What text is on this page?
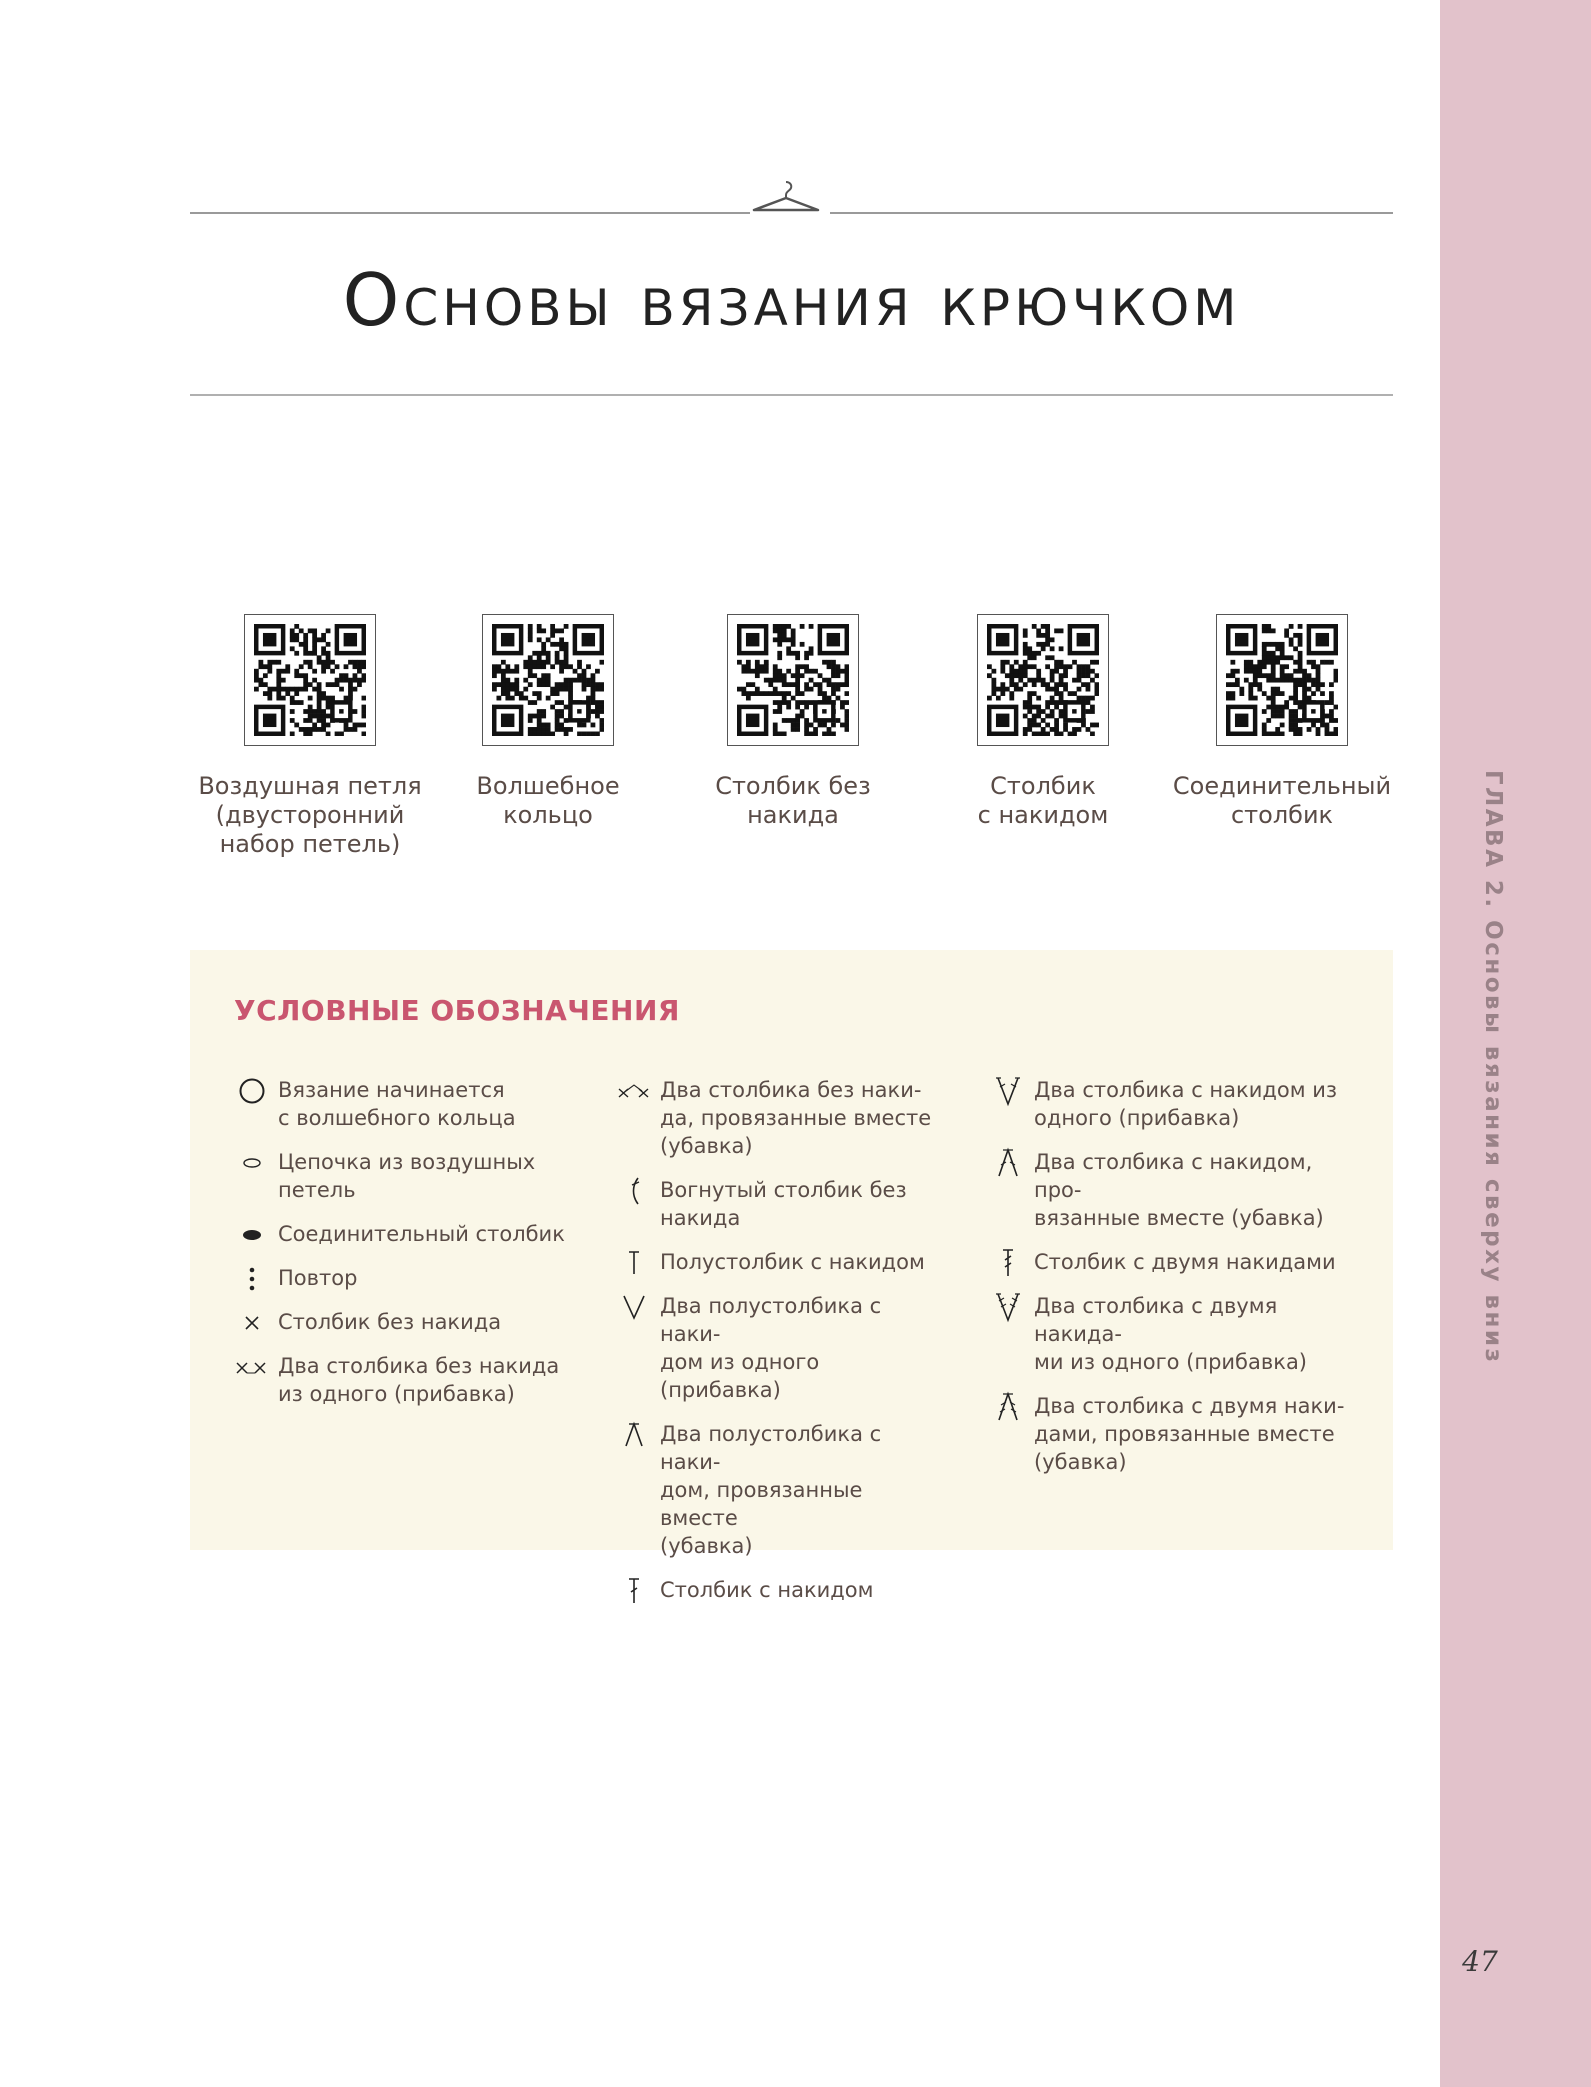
ГЛАВА 2. Основы вязания сверху вниз
47
Основы вязания крючком
Воздушная петля
(двусторонний
набор петель)
Волшебное
кольцо
Столбик без
накида
Столбик
с накидом
Соединительный
столбик
УСЛОВНЫЕ ОБОЗНАЧЕНИЯ
Вязание начинается
с волшебного кольца
Цепочка из воздушных
петель
Соединительный столбик
Повтор
Столбик без накида
Два столбика без накида
из одного (прибавка)
Два столбика без наки-
да, провязанные вместе
(убавка)
Вогнутый столбик без
накида
Полустолбик с накидом
Два полустолбика с наки-
дом из одного (прибавка)
Два полустолбика с наки-
дом, провязанные вместе
(убавка)
Столбик с накидом
Два столбика с накидом из
одного (прибавка)
Два столбика с накидом, про-
вязанные вместе (убавка)
Столбик с двумя накидами
Два столбика с двумя накида-
ми из одного (прибавка)
Два столбика с двумя наки-
дами, провязанные вместе
(убавка)
